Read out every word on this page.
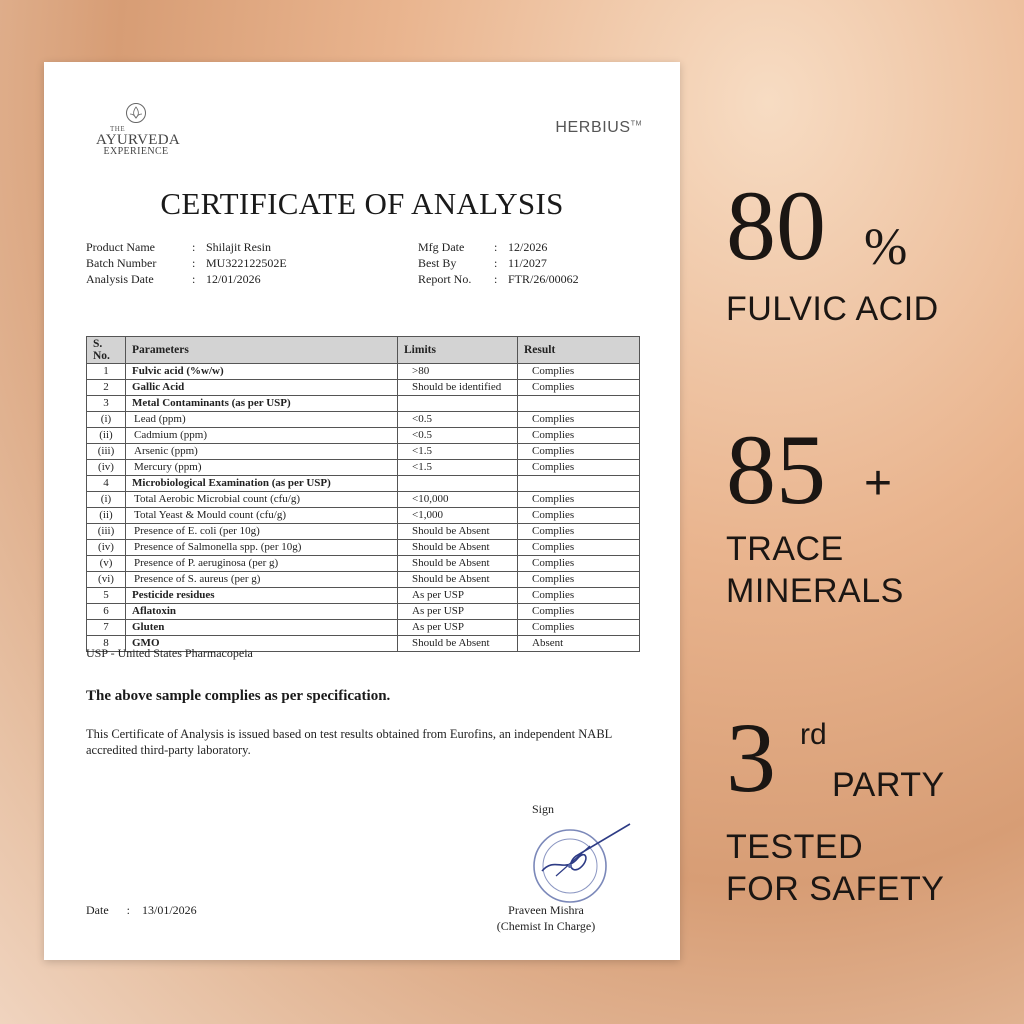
THE
AYURVEDA
EXPERIENCE
HERBIUS™
CERTIFICATE OF ANALYSIS
Product Name	: Shilajit Resin
Batch Number	: MU322122502E
Analysis Date	: 12/01/2026
Mfg Date	: 12/2026
Best By	: 11/2027
Report No.	: FTR/26/00062
S. No.	Parameters	Limits	Result
1	Fulvic acid (%w/w)	>80	Complies
2	Gallic Acid	Should be identified	Complies
3	Metal Contaminants (as per USP)		
(i)	Lead (ppm)	<0.5	Complies
(ii)	Cadmium (ppm)	<0.5	Complies
(iii)	Arsenic (ppm)	<1.5	Complies
(iv)	Mercury (ppm)	<1.5	Complies
4	Microbiological Examination (as per USP)		
(i)	Total Aerobic Microbial count (cfu/g)	<10,000	Complies
(ii)	Total Yeast & Mould count (cfu/g)	<1,000	Complies
(iii)	Presence of E. coli (per 10g)	Should be Absent	Complies
(iv)	Presence of Salmonella spp. (per 10g)	Should be Absent	Complies
(v)	Presence of P. aeruginosa (per g)	Should be Absent	Complies
(vi)	Presence of S. aureus (per g)	Should be Absent	Complies
5	Pesticide residues	As per USP	Complies
6	Aflatoxin	As per USP	Complies
7	Gluten	As per USP	Complies
8	GMO	Should be Absent	Absent
USP - United States Pharmacopeia
The above sample complies as per specification.
This Certificate of Analysis is issued based on test results obtained from Eurofins, an independent NABL accredited third-party laboratory.
Sign
Praveen Mishra
(Chemist In Charge)
Date : 13/01/2026
80 %
FULVIC ACID
85 +
TRACE
MINERALS
3 rd
PARTY
TESTED
FOR SAFETY
